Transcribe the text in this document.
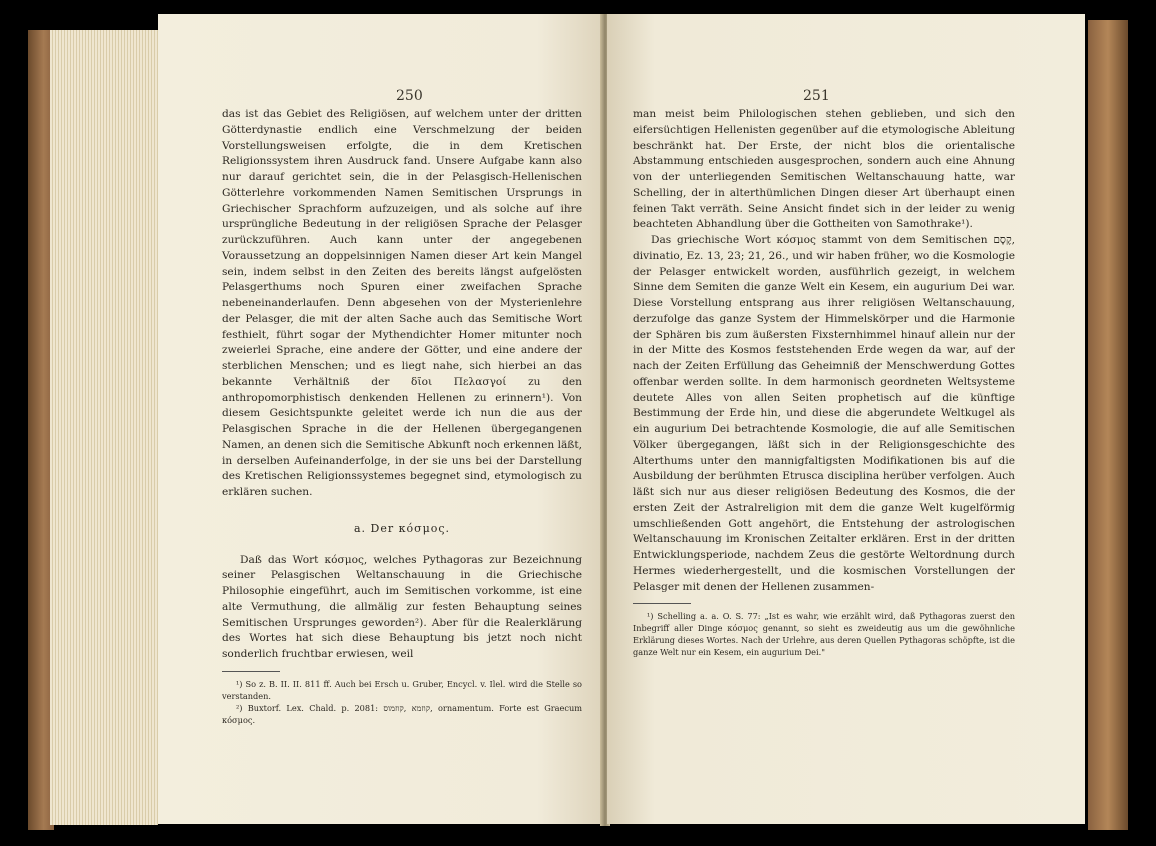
250

das ist das Gebiet des Religiösen, auf welchem unter der dritten Götterdynastie endlich eine Verschmelzung der beiden Vorstellungsweisen erfolgte, die in dem Kretischen Religionssystem ihren Ausdruck fand. Unsere Aufgabe kann also nur darauf gerichtet sein, die in der Pelasgisch-Hellenischen Götterlehre vorkommenden Namen Semitischen Ursprungs in Griechischer Sprachform aufzuzeigen, und als solche auf ihre ursprüngliche Bedeutung in der religiösen Sprache der Pelasger zurückzuführen. Auch kann unter der angegebenen Voraussetzung an doppelsinnigen Namen dieser Art kein Mangel sein, indem selbst in den Zeiten des bereits längst aufgelösten Pelasgerthums noch Spuren einer zweifachen Sprache nebeneinanderlaufen. Denn abgesehen von der Mysterienlehre der Pelasger, die mit der alten Sache auch das Semitische Wort festhielt, führt sogar der Mythendichter Homer mitunter noch zweierlei Sprache, eine andere der Götter, und eine andere der sterblichen Menschen; und es liegt nahe, sich hierbei an das bekannte Verhältniß der δῖοι Πελασγοί zu den anthropomorphistisch denkenden Hellenen zu erinnern¹). Von diesem Gesichtspunkte geleitet werde ich nun die aus der Pelasgischen Sprache in die der Hellenen übergegangenen Namen, an denen sich die Semitische Abkunft noch erkennen läßt, in derselben Aufeinanderfolge, in der sie uns bei der Darstellung des Kretischen Religionssystemes begegnet sind, etymologisch zu erklären suchen.

a. Der κόσμος.

Daß das Wort κόσμος, welches Pythagoras zur Bezeichnung seiner Pelasgischen Weltanschauung in die Griechische Philosophie eingeführt, auch im Semitischen vorkomme, ist eine alte Vermuthung, die allmälig zur festen Behauptung seines Semitischen Ursprunges geworden²). Aber für die Realerklärung des Wortes hat sich diese Behauptung bis jetzt noch nicht sonderlich fruchtbar erwiesen, weil

¹) So z. B. II. II. 811 ff. Auch bei Ersch u. Gruber, Encycl. v. Ilel. wird die Stelle so verstanden.

²) Buxtorf. Lex. Chald. p. 2081: קוזמא ,קוזמוס, ornamentum. Forte est Graecum κόσμος.

251

man meist beim Philologischen stehen geblieben, und sich den eifersüchtigen Hellenisten gegenüber auf die etymologische Ableitung beschränkt hat. Der Erste, der nicht blos die orientalische Abstammung entschieden ausgesprochen, sondern auch eine Ahnung von der unterliegenden Semitischen Weltanschauung hatte, war Schelling, der in alterthümlichen Dingen dieser Art überhaupt einen feinen Takt verräth. Seine Ansicht findet sich in der leider zu wenig beachteten Abhandlung über die Gottheiten von Samothrake¹).

Das griechische Wort κόσμος stammt von dem Semitischen קֶסֶם, divinatio, Ez. 13, 23; 21, 26., und wir haben früher, wo die Kosmologie der Pelasger entwickelt worden, ausführlich gezeigt, in welchem Sinne dem Semiten die ganze Welt ein Kesem, ein augurium Dei war. Diese Vorstellung entsprang aus ihrer religiösen Weltanschauung, derzufolge das ganze System der Himmelskörper und die Harmonie der Sphären bis zum äußersten Fixsternhimmel hinauf allein nur der in der Mitte des Kosmos feststehenden Erde wegen da war, auf der nach der Zeiten Erfüllung das Geheimniß der Menschwerdung Gottes offenbar werden sollte. In dem harmonisch geordneten Weltsysteme deutete Alles von allen Seiten prophetisch auf die künftige Bestimmung der Erde hin, und diese die abgerundete Weltkugel als ein augurium Dei betrachtende Kosmologie, die auf alle Semitischen Völker übergegangen, läßt sich in der Religionsgeschichte des Alterthums unter den mannigfaltigsten Modifikationen bis auf die Ausbildung der berühmten Etrusca disciplina herüber verfolgen. Auch läßt sich nur aus dieser religiösen Bedeutung des Kosmos, die der ersten Zeit der Astralreligion mit dem die ganze Welt kugelförmig umschließenden Gott angehört, die Entstehung der astrologischen Weltanschauung im Kronischen Zeitalter erklären. Erst in der dritten Entwicklungsperiode, nachdem Zeus die gestörte Weltordnung durch Hermes wiederhergestellt, und die kosmischen Vorstellungen der Pelasger mit denen der Hellenen zusammen-

¹) Schelling a. a. O. S. 77: „Ist es wahr, wie erzählt wird, daß Pythagoras zuerst den Inbegriff aller Dinge κόσμος genannt, so sieht es zweideutig aus um die gewöhnliche Erklärung dieses Wortes. Nach der Urlehre, aus deren Quellen Pythagoras schöpfte, ist die ganze Welt nur ein Kesem, ein augurium Dei."
